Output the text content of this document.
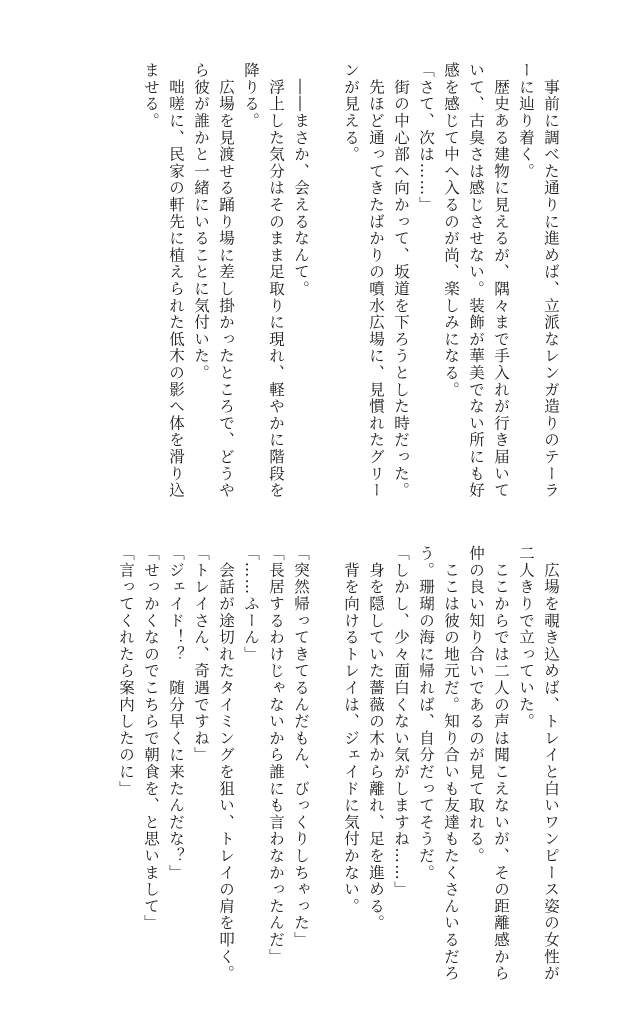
　事前に調べた通りに進めば、立派なレンガ造りのテーラーに辿り着く。

　歴史ある建物に見えるが、隅々まで手入れが行き届いていて、古臭さは感じさせない。装飾が華美でない所にも好感を感じて中へ入るのが尚、楽しみになる。

「さて、次は……」

　街の中心部へ向かって、坂道を下ろうとした時だった。

　先ほど通ってきたばかりの噴水広場に、見慣れたグリーンが見える。

　――まさか、会えるなんて。

　浮上した気分はそのまま足取りに現れ、軽やかに階段を降りる。

　広場を見渡せる踊り場に差し掛かったところで、どうやら彼が誰かと一緒にいることに気付いた。

　咄嗟に、民家の軒先に植えられた低木の影へ体を滑り込ませる。

　広場を覗き込めば、トレイと白いワンピース姿の女性が二人きりで立っていた。

　ここからでは二人の声は聞こえないが、その距離感から仲の良い知り合いであるのが見て取れる。

　ここは彼の地元だ。知り合いも友達もたくさんいるだろう。珊瑚の海に帰れば、自分だってそうだ。

「しかし、少々面白くない気がしますね……」

　身を隠していた薔薇の木から離れ、足を進める。

　背を向けるトレイは、ジェイドに気付かない。

「突然帰ってきてるんだもん、びっくりしちゃった」

「長居するわけじゃないから誰にも言わなかったんだ」

「……ふーん」

　会話が途切れたタイミングを狙い、トレイの肩を叩く。

「トレイさん、奇遇ですね」

「ジェイド！？　随分早くに来たんだな？」

「せっかくなのでこちらで朝食を、と思いまして」

「言ってくれたら案内したのに」
